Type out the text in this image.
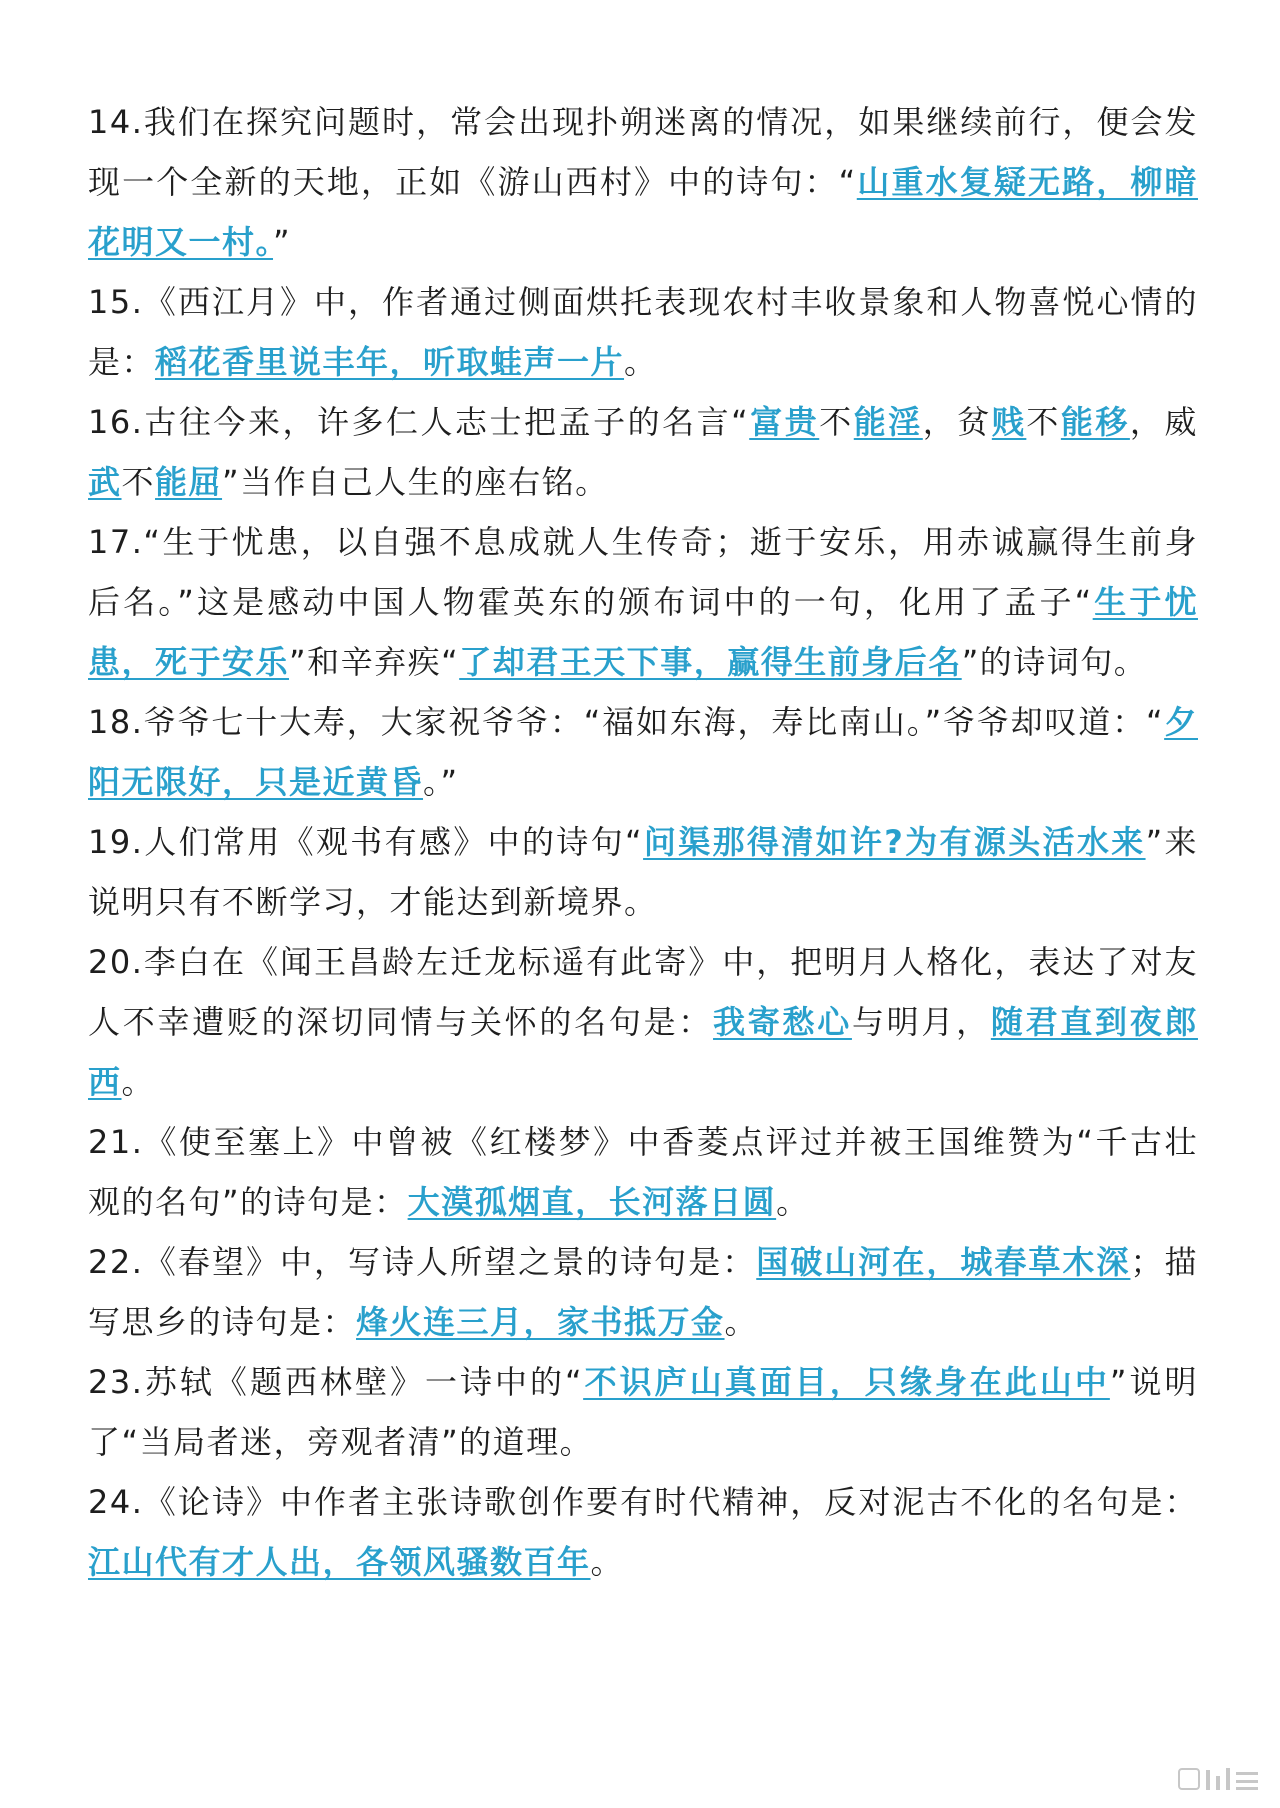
14.我们在探究问题时，常会出现扑朔迷离的情况，如果继续前行，便会发现一个全新的天地，正如《游山西村》中的诗句：“山重水复疑无路，柳暗花明又一村。”

15.《西江月》中，作者通过侧面烘托表现农村丰收景象和人物喜悦心情的是：稻花香里说丰年，听取蛙声一片。

16.古往今来，许多仁人志士把孟子的名言“富贵不能淫，贫贱不能移，威武不能屈”当作自己人生的座右铭。

17.“生于忧患，以自强不息成就人生传奇；逝于安乐，用赤诚赢得生前身后名。”这是感动中国人物霍英东的颁布词中的一句，化用了孟子“生于忧患，死于安乐”和辛弃疾“了却君王天下事，赢得生前身后名”的诗词句。

18.爷爷七十大寿，大家祝爷爷：“福如东海，寿比南山。”爷爷却叹道：“夕阳无限好，只是近黄昏。”

19.人们常用《观书有感》中的诗句“问渠那得清如许?为有源头活水来”来说明只有不断学习，才能达到新境界。

20.李白在《闻王昌龄左迁龙标遥有此寄》中，把明月人格化，表达了对友人不幸遭贬的深切同情与关怀的名句是：我寄愁心与明月，随君直到夜郎西。

21.《使至塞上》中曾被《红楼梦》中香菱点评过并被王国维赞为“千古壮观的名句”的诗句是：大漠孤烟直，长河落日圆。

22.《春望》中，写诗人所望之景的诗句是：国破山河在，城春草木深；描写思乡的诗句是：烽火连三月，家书抵万金。

23.苏轼《题西林壁》一诗中的“不识庐山真面目，只缘身在此山中”说明了“当局者迷，旁观者清”的道理。

24.《论诗》中作者主张诗歌创作要有时代精神，反对泥古不化的名句是：江山代有才人出，各领风骚数百年。
